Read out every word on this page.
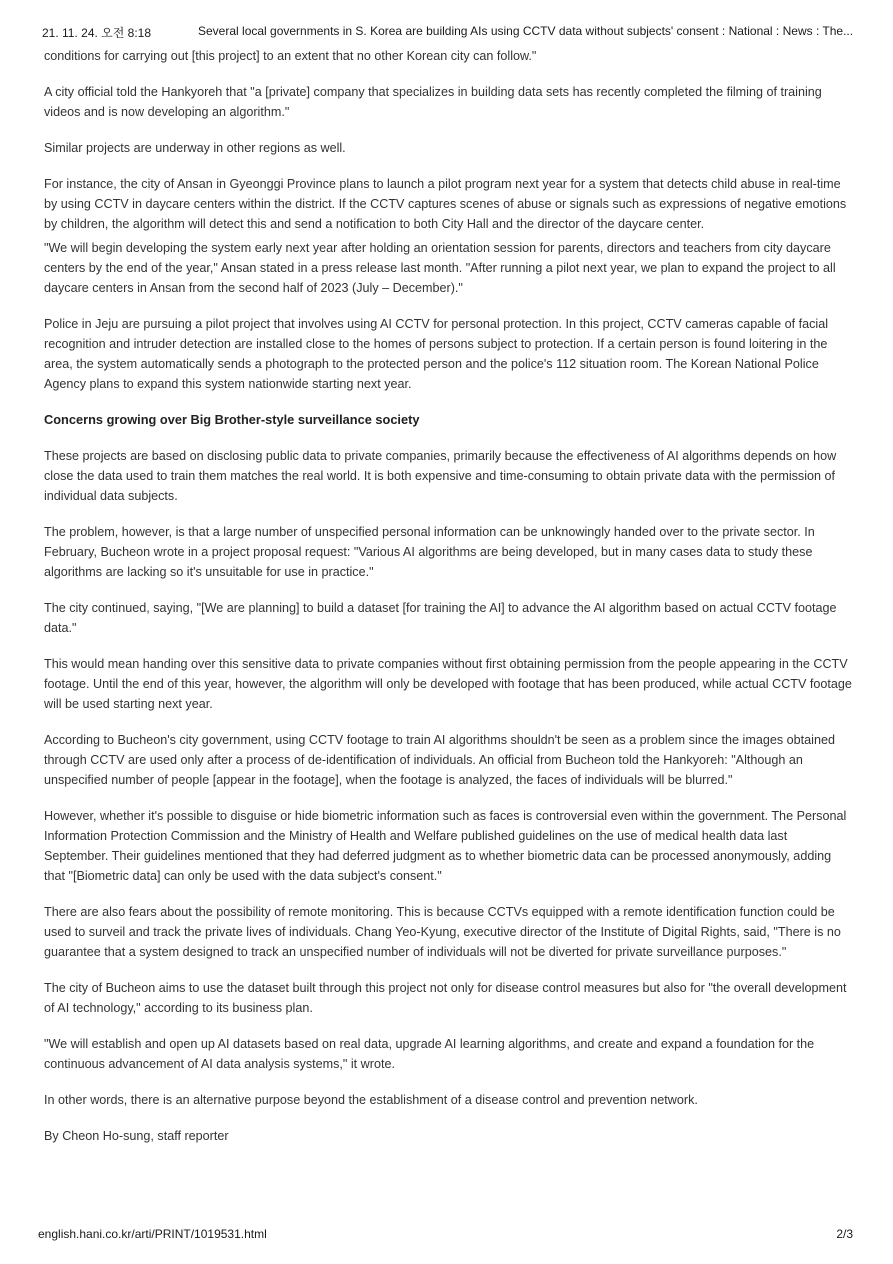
21. 11. 24. 오전 8:18	Several local governments in S. Korea are building AIs using CCTV data without subjects' consent : National : News : The...

conditions for carrying out [this project] to an extent that no other Korean city can follow."

A city official told the Hankyoreh that "a [private] company that specializes in building data sets has recently completed the filming of training videos and is now developing an algorithm."

Similar projects are underway in other regions as well.

For instance, the city of Ansan in Gyeonggi Province plans to launch a pilot program next year for a system that detects child abuse in real-time by using CCTV in daycare centers within the district. If the CCTV captures scenes of abuse or signals such as expressions of negative emotions by children, the algorithm will detect this and send a notification to both City Hall and the director of the daycare center.

"We will begin developing the system early next year after holding an orientation session for parents, directors and teachers from city daycare centers by the end of the year," Ansan stated in a press release last month. "After running a pilot next year, we plan to expand the project to all daycare centers in Ansan from the second half of 2023 (July – December)."

Police in Jeju are pursuing a pilot project that involves using AI CCTV for personal protection. In this project, CCTV cameras capable of facial recognition and intruder detection are installed close to the homes of persons subject to protection. If a certain person is found loitering in the area, the system automatically sends a photograph to the protected person and the police's 112 situation room. The Korean National Police Agency plans to expand this system nationwide starting next year.

Concerns growing over Big Brother-style surveillance society

These projects are based on disclosing public data to private companies, primarily because the effectiveness of AI algorithms depends on how close the data used to train them matches the real world. It is both expensive and time-consuming to obtain private data with the permission of individual data subjects.

The problem, however, is that a large number of unspecified personal information can be unknowingly handed over to the private sector. In February, Bucheon wrote in a project proposal request: "Various AI algorithms are being developed, but in many cases data to study these algorithms are lacking so it's unsuitable for use in practice."

The city continued, saying, "[We are planning] to build a dataset [for training the AI] to advance the AI algorithm based on actual CCTV footage data."

This would mean handing over this sensitive data to private companies without first obtaining permission from the people appearing in the CCTV footage. Until the end of this year, however, the algorithm will only be developed with footage that has been produced, while actual CCTV footage will be used starting next year.

According to Bucheon's city government, using CCTV footage to train AI algorithms shouldn't be seen as a problem since the images obtained through CCTV are used only after a process of de-identification of individuals. An official from Bucheon told the Hankyoreh: "Although an unspecified number of people [appear in the footage], when the footage is analyzed, the faces of individuals will be blurred."

However, whether it's possible to disguise or hide biometric information such as faces is controversial even within the government. The Personal Information Protection Commission and the Ministry of Health and Welfare published guidelines on the use of medical health data last September. Their guidelines mentioned that they had deferred judgment as to whether biometric data can be processed anonymously, adding that "[Biometric data] can only be used with the data subject's consent."

There are also fears about the possibility of remote monitoring. This is because CCTVs equipped with a remote identification function could be used to surveil and track the private lives of individuals. Chang Yeo-Kyung, executive director of the Institute of Digital Rights, said, "There is no guarantee that a system designed to track an unspecified number of individuals will not be diverted for private surveillance purposes."

The city of Bucheon aims to use the dataset built through this project not only for disease control measures but also for "the overall development of AI technology," according to its business plan.

"We will establish and open up AI datasets based on real data, upgrade AI learning algorithms, and create and expand a foundation for the continuous advancement of AI data analysis systems," it wrote.

In other words, there is an alternative purpose beyond the establishment of a disease control and prevention network.

By Cheon Ho-sung, staff reporter

english.hani.co.kr/arti/PRINT/1019531.html	2/3
